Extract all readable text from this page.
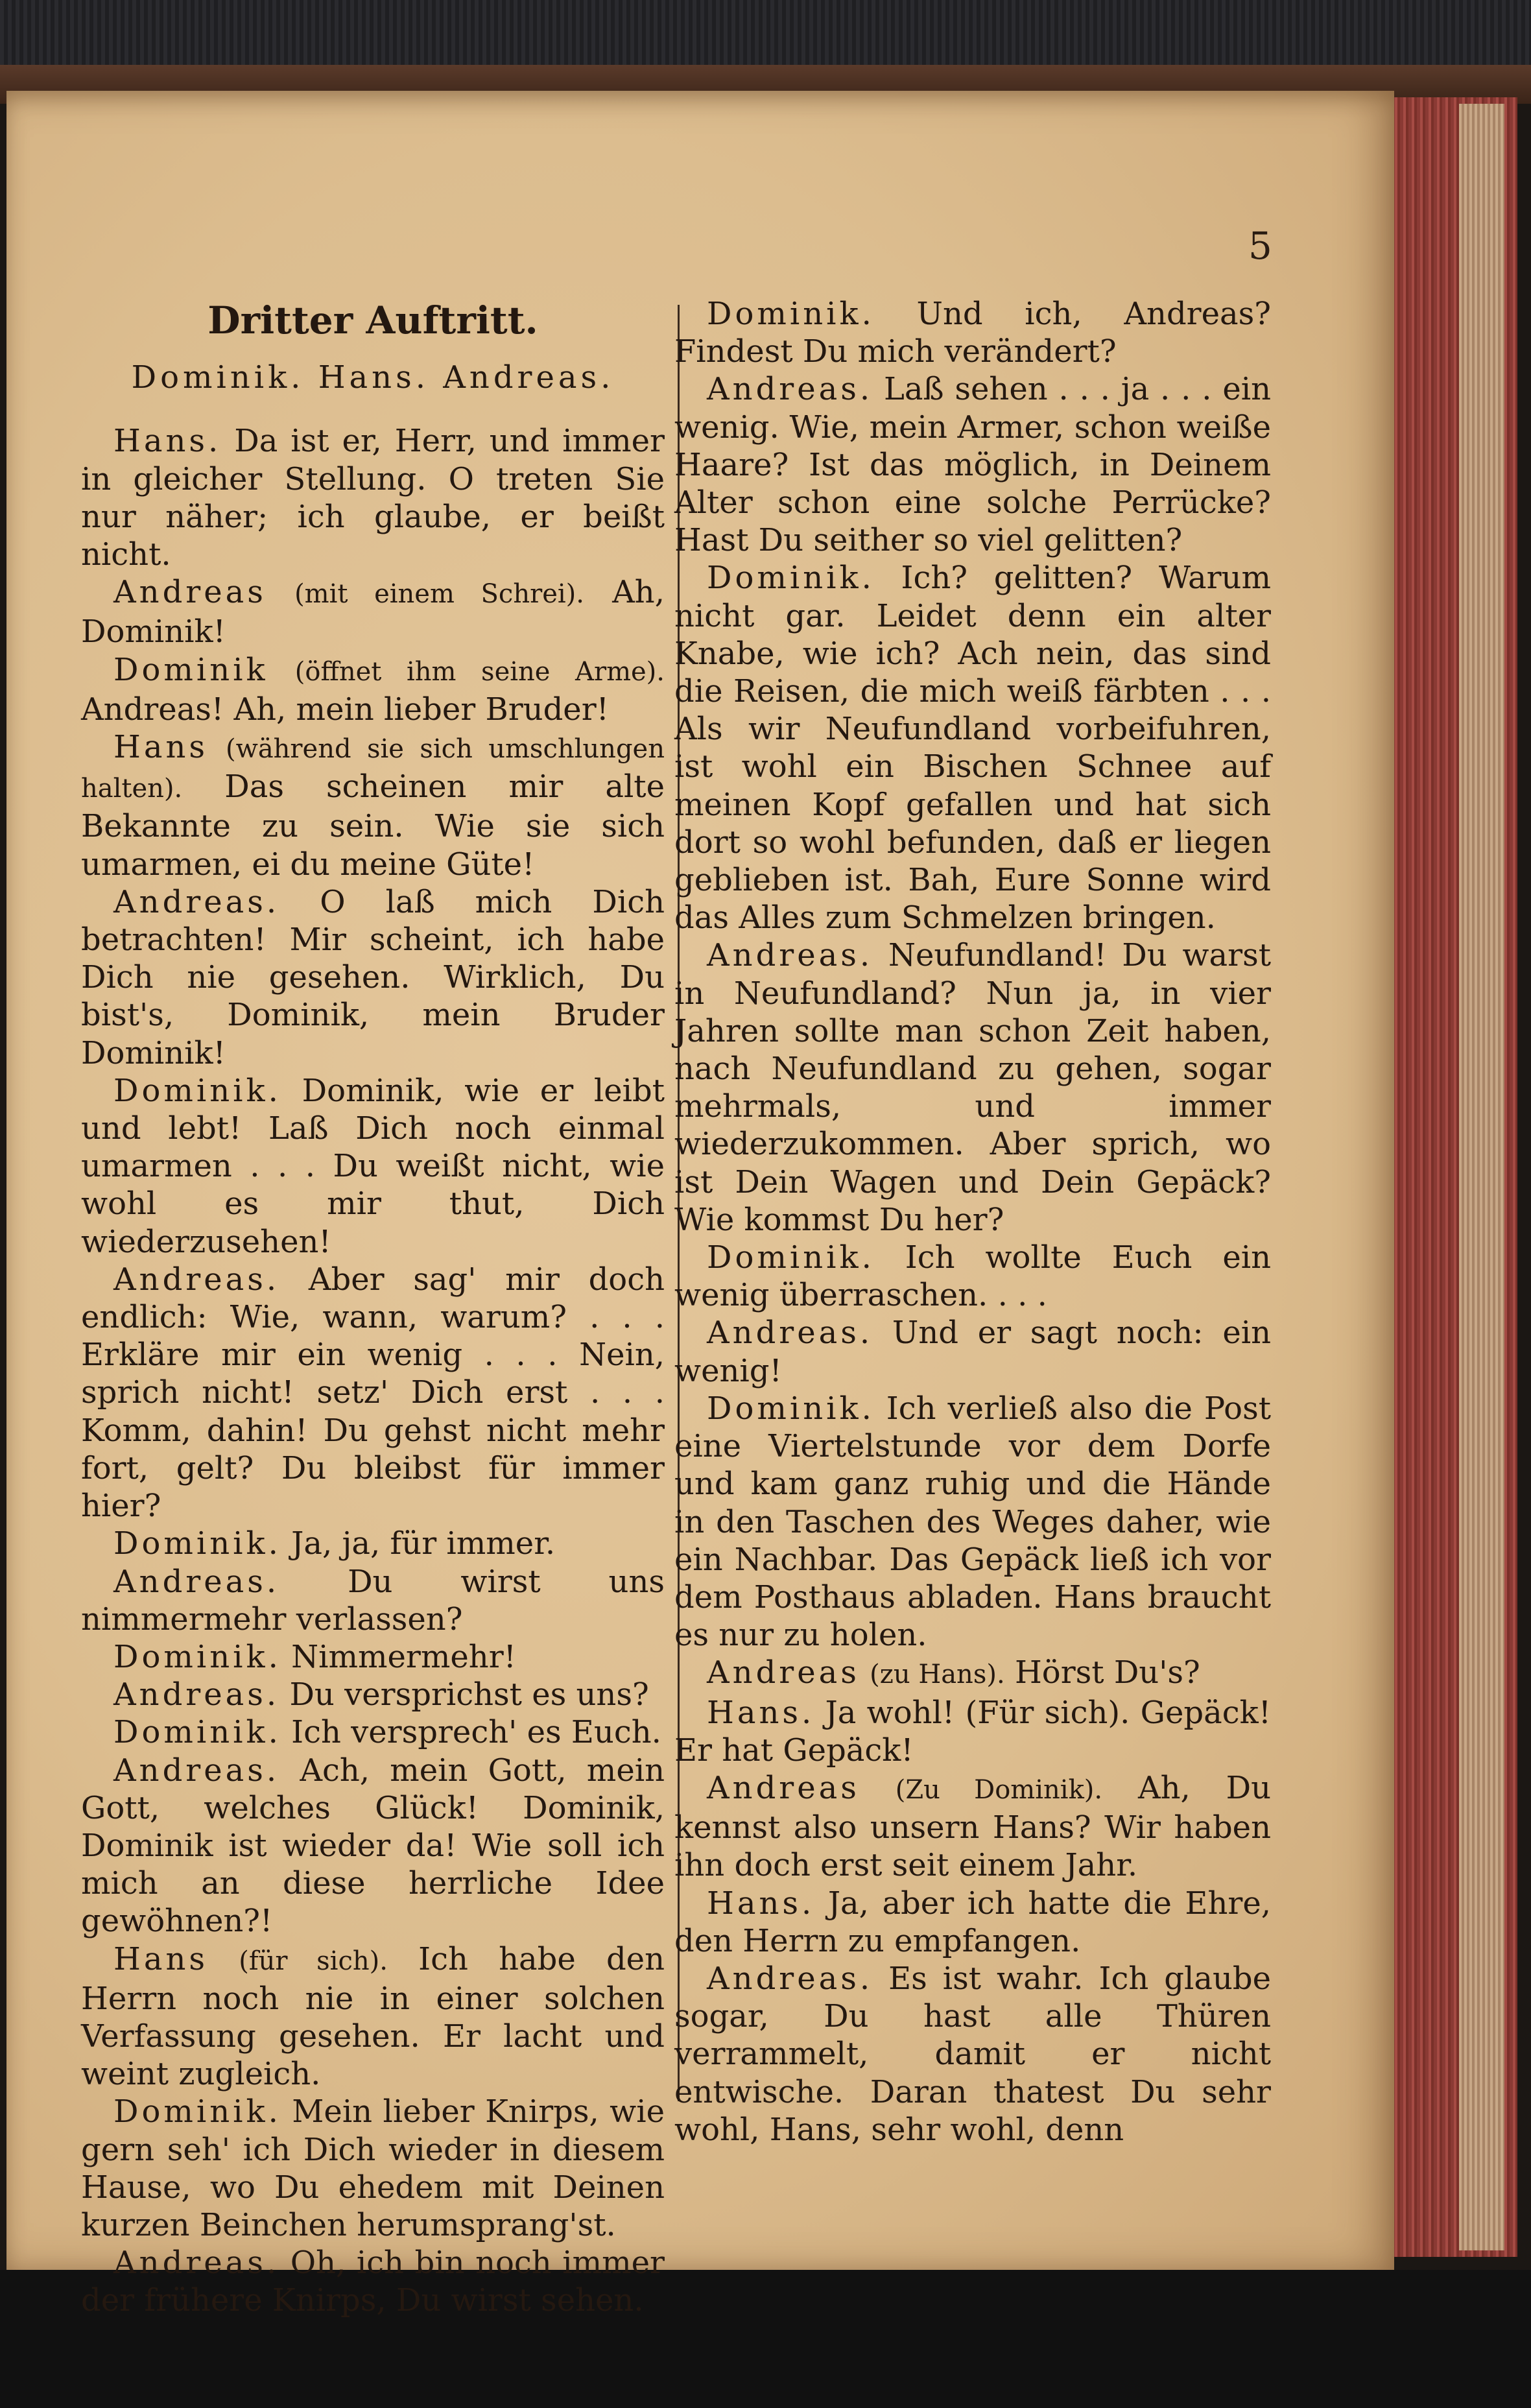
5

Dritter Auftritt.

Dominik. Hans. Andreas.

Hans. Da ist er, Herr, und immer in gleicher Stellung. O treten Sie nur näher; ich glaube, er beißt nicht.

Andreas (mit einem Schrei). Ah, Dominik!

Dominik (öffnet ihm seine Arme). Andreas! Ah, mein lieber Bruder!

Hans (während sie sich umschlungen halten). Das scheinen mir alte Bekannte zu sein. Wie sie sich umarmen, ei du meine Güte!

Andreas. O laß mich Dich betrachten! Mir scheint, ich habe Dich nie gesehen. Wirklich, Du bist's, Dominik, mein Bruder Dominik!

Dominik. Dominik, wie er leibt und lebt! Laß Dich noch einmal umarmen . . . Du weißt nicht, wie wohl es mir thut, Dich wiederzusehen!

Andreas. Aber sag' mir doch endlich: Wie, wann, warum? . . . Erkläre mir ein wenig . . . Nein, sprich nicht! setz' Dich erst . . . Komm, dahin! Du gehst nicht mehr fort, gelt? Du bleibst für immer hier?

Dominik. Ja, ja, für immer.

Andreas. Du wirst uns nimmermehr verlassen?

Dominik. Nimmermehr!

Andreas. Du versprichst es uns?

Dominik. Ich versprech' es Euch.

Andreas. Ach, mein Gott, mein Gott, welches Glück! Dominik, Dominik ist wieder da! Wie soll ich mich an diese herrliche Idee gewöhnen?!

Hans (für sich). Ich habe den Herrn noch nie in einer solchen Verfassung gesehen. Er lacht und weint zugleich.

Dominik. Mein lieber Knirps, wie gern seh' ich Dich wieder in diesem Hause, wo Du ehedem mit Deinen kurzen Beinchen herumsprang'st.

Andreas. Oh, ich bin noch immer der frühere Knirps, Du wirst sehen.

Dominik. Und ich, Andreas? Findest Du mich verändert?

Andreas. Laß sehen . . . ja . . . ein wenig. Wie, mein Armer, schon weiße Haare? Ist das möglich, in Deinem Alter schon eine solche Perrücke? Hast Du seither so viel gelitten?

Dominik. Ich? gelitten? Warum nicht gar. Leidet denn ein alter Knabe, wie ich? Ach nein, das sind die Reisen, die mich weiß färbten . . . Als wir Neufundland vorbeifuhren, ist wohl ein Bischen Schnee auf meinen Kopf gefallen und hat sich dort so wohl befunden, daß er liegen geblieben ist. Bah, Eure Sonne wird das Alles zum Schmelzen bringen.

Andreas. Neufundland! Du warst in Neufundland? Nun ja, in vier Jahren sollte man schon Zeit haben, nach Neufundland zu gehen, sogar mehrmals, und immer wiederzukommen. Aber sprich, wo ist Dein Wagen und Dein Gepäck? Wie kommst Du her?

Dominik. Ich wollte Euch ein wenig überraschen. . . .

Andreas. Und er sagt noch: ein wenig!

Dominik. Ich verließ also die Post eine Viertelstunde vor dem Dorfe und kam ganz ruhig und die Hände in den Taschen des Weges daher, wie ein Nachbar. Das Gepäck ließ ich vor dem Posthaus abladen. Hans braucht es nur zu holen.

Andreas (zu Hans). Hörst Du's?

Hans. Ja wohl! (Für sich). Gepäck! Er hat Gepäck!

Andreas (Zu Dominik). Ah, Du kennst also unsern Hans? Wir haben ihn doch erst seit einem Jahr.

Hans. Ja, aber ich hatte die Ehre, den Herrn zu empfangen.

Andreas. Es ist wahr. Ich glaube sogar, Du hast alle Thüren verrammelt, damit er nicht entwische. Daran thatest Du sehr wohl, Hans, sehr wohl, denn
